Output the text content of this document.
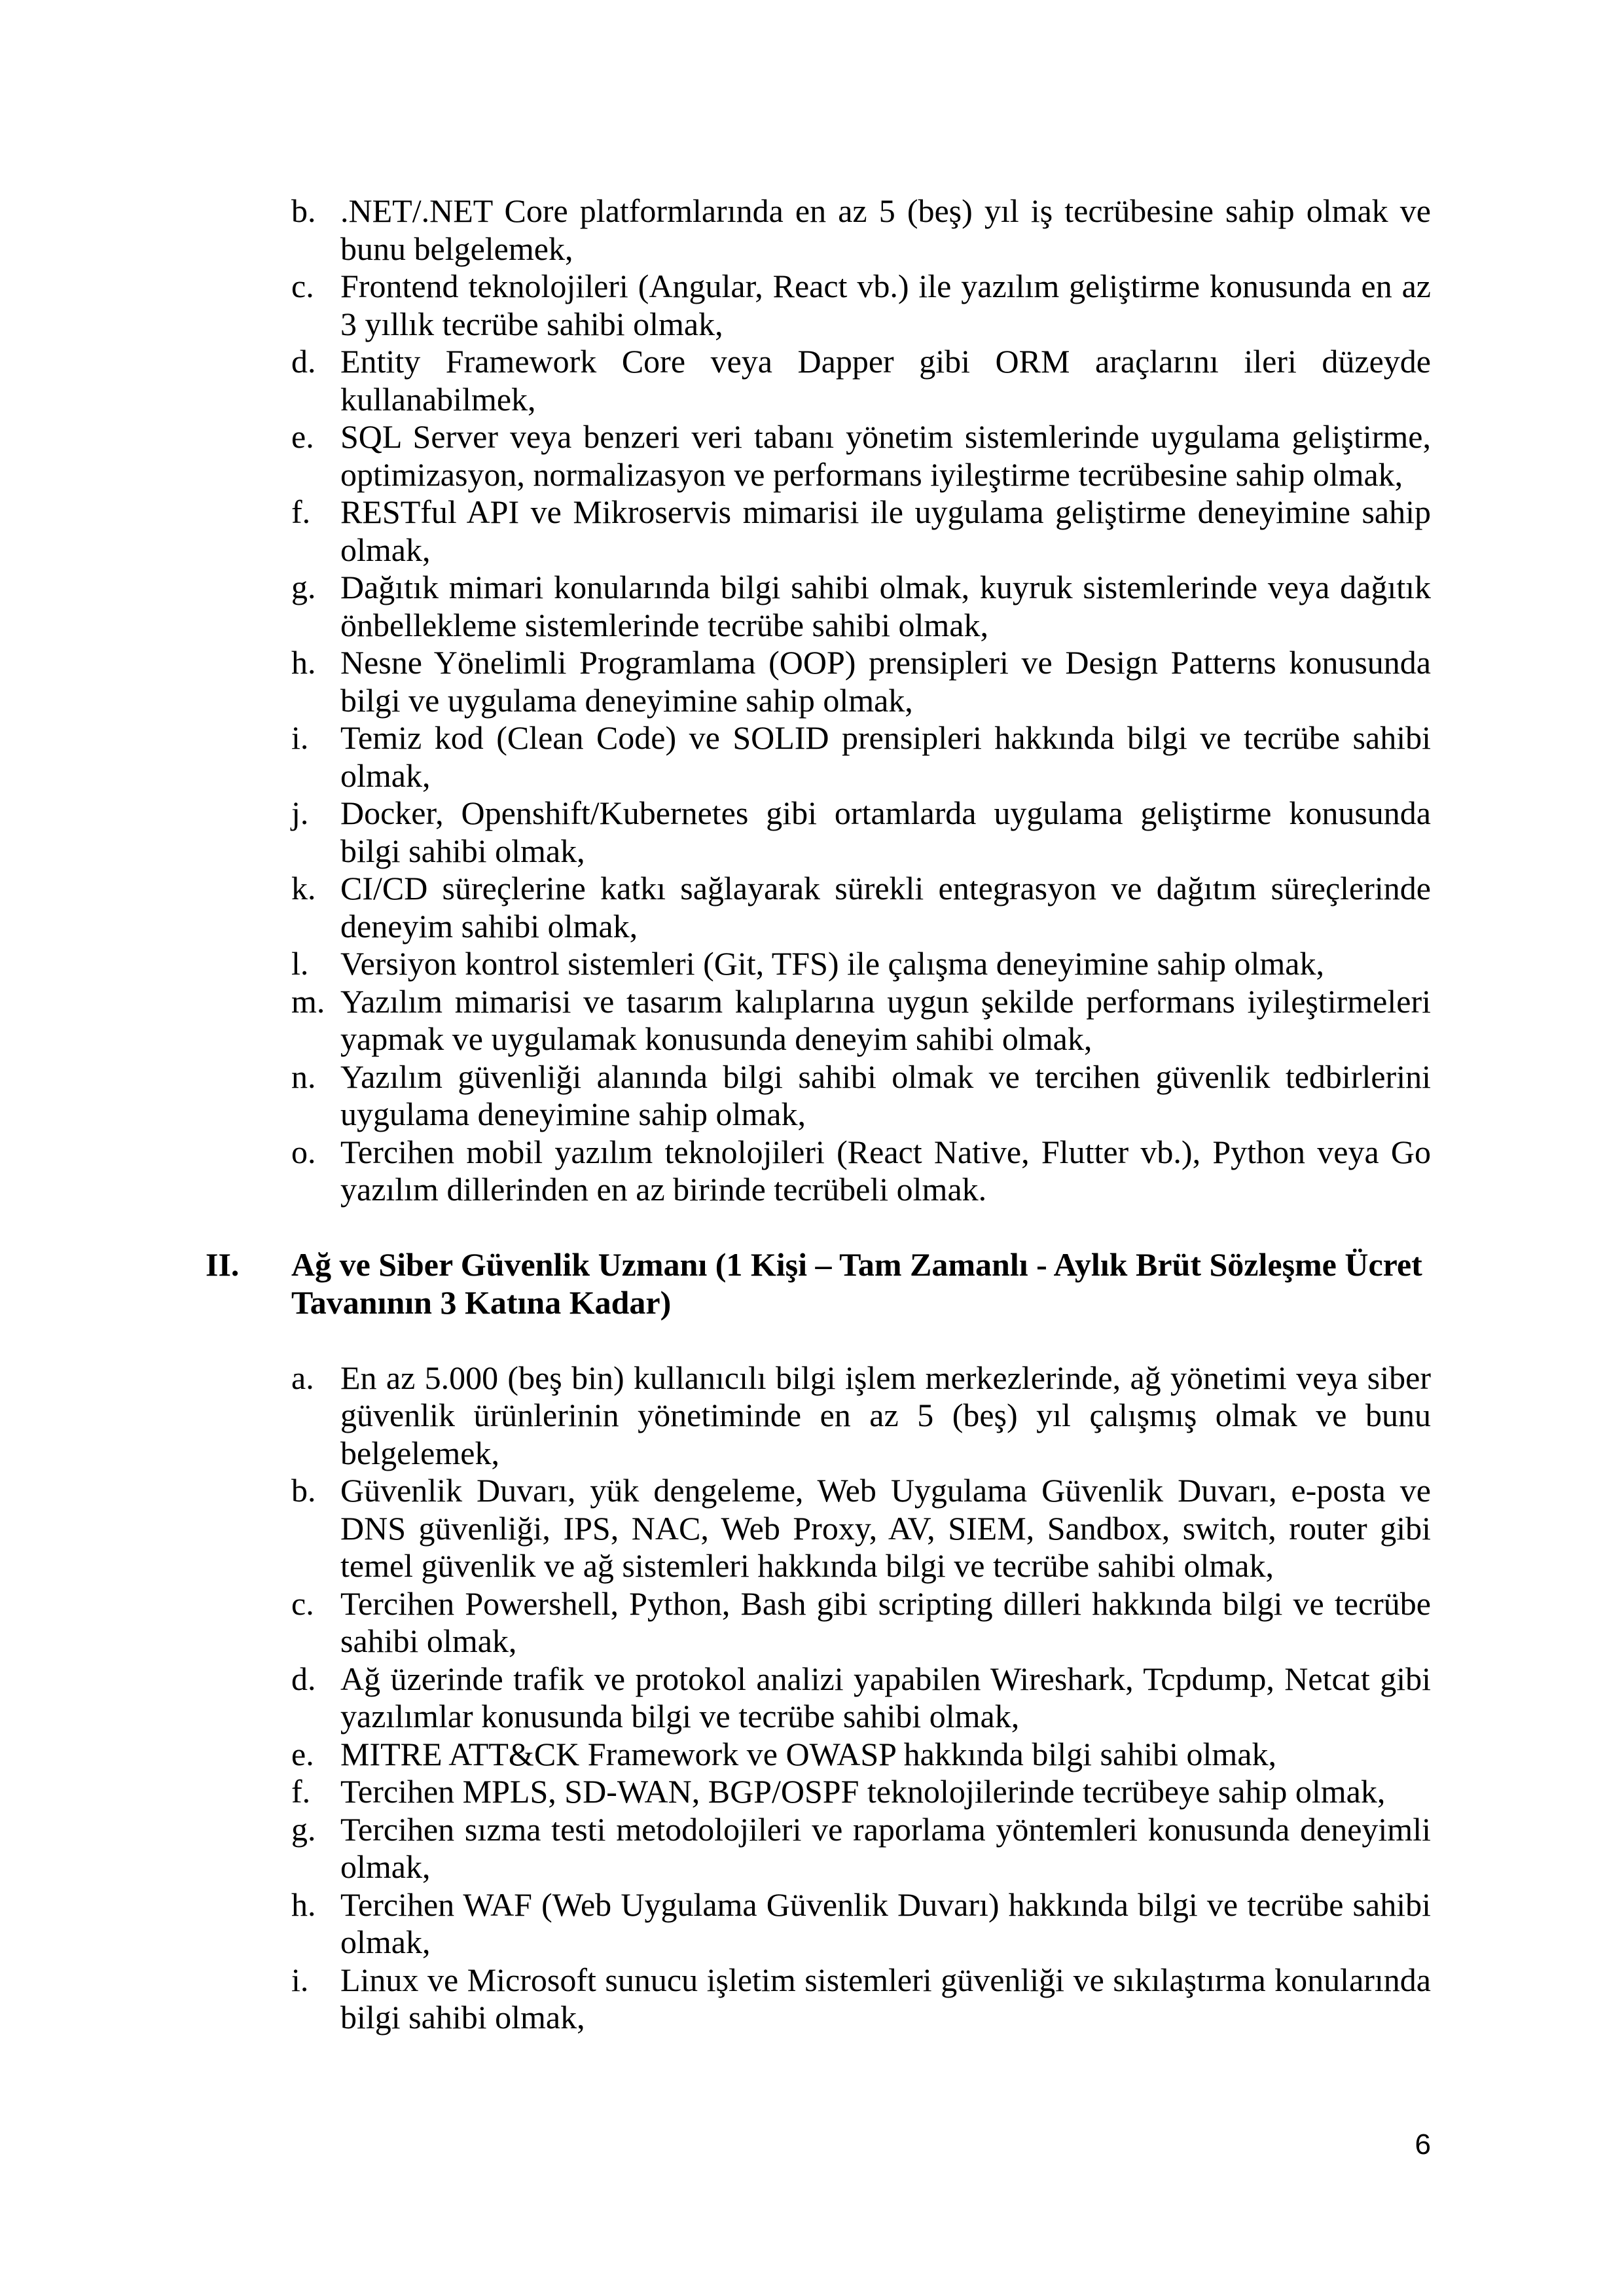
b. .NET/.NET Core platformlarında en az 5 (beş) yıl iş tecrübesine sahip olmak ve bunu belgelemek,
c. Frontend teknolojileri (Angular, React vb.) ile yazılım geliştirme konusunda en az 3 yıllık tecrübe sahibi olmak,
d. Entity Framework Core veya Dapper gibi ORM araçlarını ileri düzeyde kullanabilmek,
e. SQL Server veya benzeri veri tabanı yönetim sistemlerinde uygulama geliştirme, optimizasyon, normalizasyon ve performans iyileştirme tecrübesine sahip olmak,
f. RESTful API ve Mikroservis mimarisi ile uygulama geliştirme deneyimine sahip olmak,
g. Dağıtık mimari konularında bilgi sahibi olmak, kuyruk sistemlerinde veya dağıtık önbellekleme sistemlerinde tecrübe sahibi olmak,
h. Nesne Yönelimli Programlama (OOP) prensipleri ve Design Patterns konusunda bilgi ve uygulama deneyimine sahip olmak,
i. Temiz kod (Clean Code) ve SOLID prensipleri hakkında bilgi ve tecrübe sahibi olmak,
j. Docker, Openshift/Kubernetes gibi ortamlarda uygulama geliştirme konusunda bilgi sahibi olmak,
k. CI/CD süreçlerine katkı sağlayarak sürekli entegrasyon ve dağıtım süreçlerinde deneyim sahibi olmak,
l. Versiyon kontrol sistemleri (Git, TFS) ile çalışma deneyimine sahip olmak,
m. Yazılım mimarisi ve tasarım kalıplarına uygun şekilde performans iyileştirmeleri yapmak ve uygulamak konusunda deneyim sahibi olmak,
n. Yazılım güvenliği alanında bilgi sahibi olmak ve tercihen güvenlik tedbirlerini uygulama deneyimine sahip olmak,
o. Tercihen mobil yazılım teknolojileri (React Native, Flutter vb.), Python veya Go yazılım dillerinden en az birinde tecrübeli olmak.
II. Ağ ve Siber Güvenlik Uzmanı (1 Kişi – Tam Zamanlı - Aylık Brüt Sözleşme Ücret Tavanının 3 Katına Kadar)
a. En az 5.000 (beş bin) kullanıcılı bilgi işlem merkezlerinde, ağ yönetimi veya siber güvenlik ürünlerinin yönetiminde en az 5 (beş) yıl çalışmış olmak ve bunu belgelemek,
b. Güvenlik Duvarı, yük dengeleme, Web Uygulama Güvenlik Duvarı, e-posta ve DNS güvenliği, IPS, NAC, Web Proxy, AV, SIEM, Sandbox, switch, router gibi temel güvenlik ve ağ sistemleri hakkında bilgi ve tecrübe sahibi olmak,
c. Tercihen Powershell, Python, Bash gibi scripting dilleri hakkında bilgi ve tecrübe sahibi olmak,
d. Ağ üzerinde trafik ve protokol analizi yapabilen Wireshark, Tcpdump, Netcat gibi yazılımlar konusunda bilgi ve tecrübe sahibi olmak,
e. MITRE ATT&CK Framework ve OWASP hakkında bilgi sahibi olmak,
f. Tercihen MPLS, SD-WAN, BGP/OSPF teknolojilerinde tecrübeye sahip olmak,
g. Tercihen sızma testi metodolojileri ve raporlama yöntemleri konusunda deneyimli olmak,
h. Tercihen WAF (Web Uygulama Güvenlik Duvarı) hakkında bilgi ve tecrübe sahibi olmak,
i. Linux ve Microsoft sunucu işletim sistemleri güvenliği ve sıkılaştırma konularında bilgi sahibi olmak,
6
